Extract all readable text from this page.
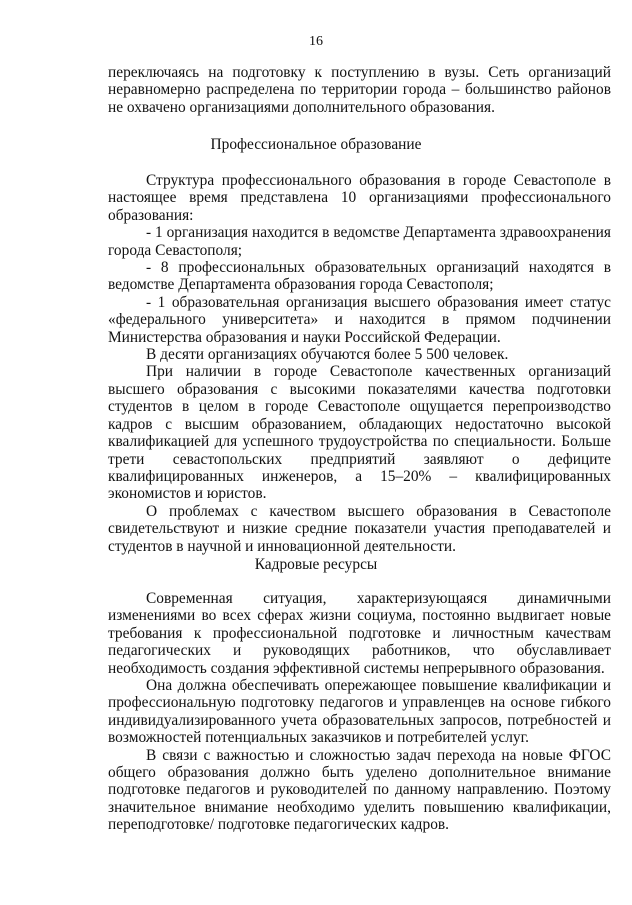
16

переключаясь на подготовку к поступлению в вузы. Сеть организаций неравномерно распределена по территории города – большинство районов не охвачено организациями дополнительного образования.

Профессиональное образование

Структура профессионального образования в городе Севастополе в настоящее время представлена 10 организациями профессионального образования:

- 1 организация находится в ведомстве Департамента здравоохранения города Севастополя;

- 8 профессиональных образовательных организаций находятся в ведомстве Департамента образования города Севастополя;

- 1 образовательная организация высшего образования имеет статус «федерального университета» и находится в прямом подчинении Министерства образования и науки Российской Федерации.

В десяти организациях обучаются более 5 500 человек.

При наличии в городе Севастополе качественных организаций высшего образования с высокими показателями качества подготовки студентов в целом в городе Севастополе ощущается перепроизводство кадров с высшим образованием, обладающих недостаточно высокой квалификацией для успешного трудоустройства по специальности. Больше трети севастопольских предприятий заявляют о дефиците квалифицированных инженеров, а 15–20% – квалифицированных экономистов и юристов.

О проблемах с качеством высшего образования в Севастополе свидетельствуют и низкие средние показатели участия преподавателей и студентов в научной и инновационной деятельности.

Кадровые ресурсы

Современная ситуация, характеризующаяся динамичными изменениями во всех сферах жизни социума, постоянно выдвигает новые требования к профессиональной подготовке и личностным качествам педагогических и руководящих работников, что обуславливает необходимость создания эффективной системы непрерывного образования.

Она должна обеспечивать опережающее повышение квалификации и профессиональную подготовку педагогов и управленцев на основе гибкого индивидуализированного учета образовательных запросов, потребностей и возможностей потенциальных заказчиков и потребителей услуг.

В связи с важностью и сложностью задач перехода на новые ФГОС общего образования должно быть уделено дополнительное внимание подготовке педагогов и руководителей по данному направлению. Поэтому значительное внимание необходимо уделить повышению квалификации, переподготовке/ подготовке педагогических кадров.
